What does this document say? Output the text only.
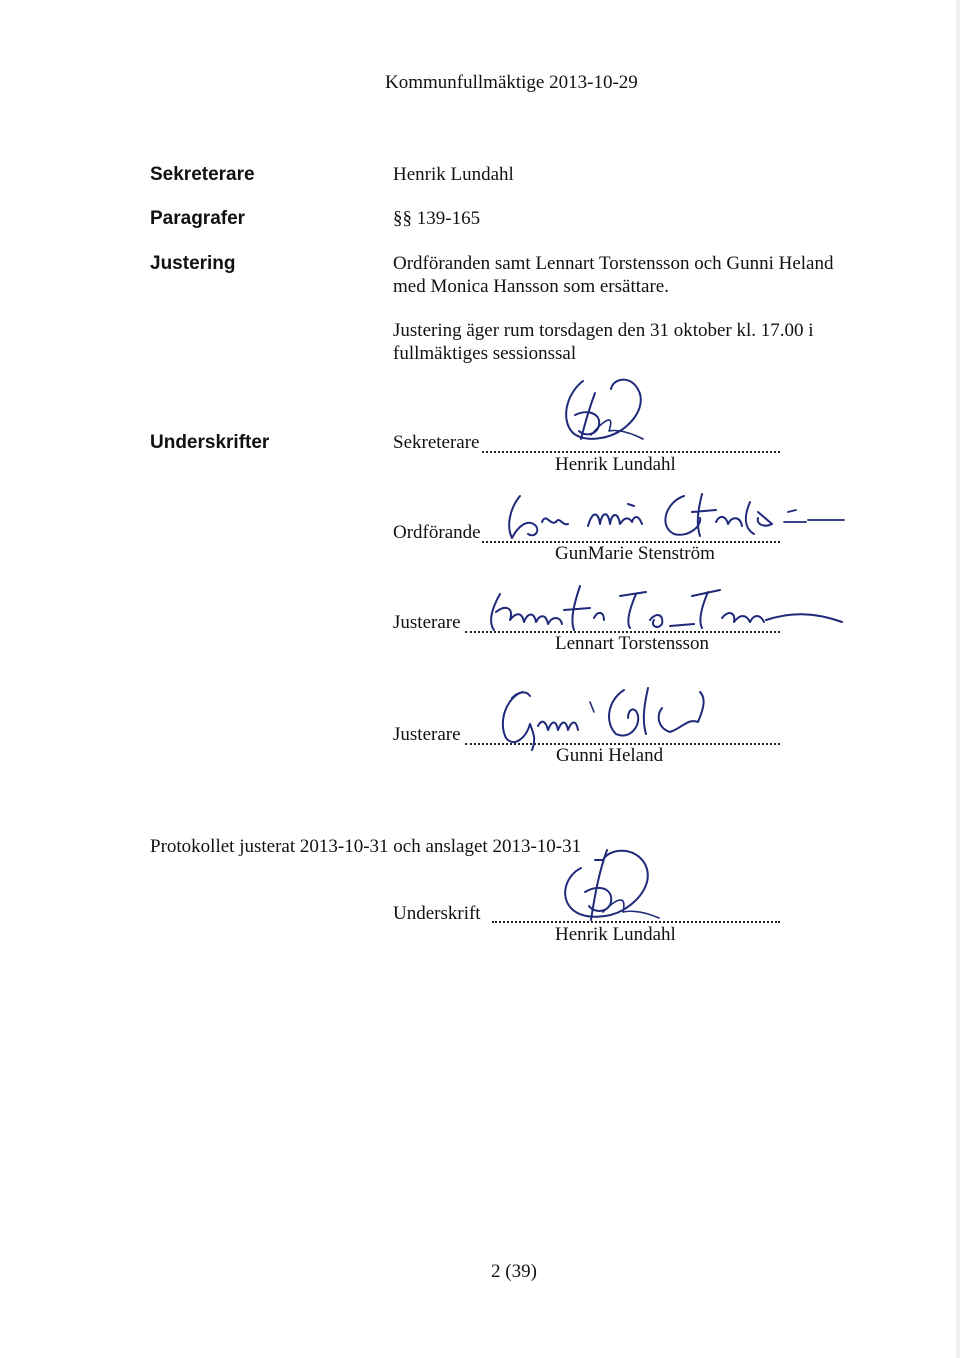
Kommunfullmäktige 2013-10-29
Sekreterare	Henrik Lundahl
Paragrafer	§§ 139-165
Justering	Ordföranden samt Lennart Torstensson och Gunni Heland
med Monica Hansson som ersättare.
Justering äger rum torsdagen den 31 oktober kl. 17.00 i
fullmäktiges sessionssal
Underskrifter	Sekreterare
Henrik Lundahl
Ordförande
GunMarie Stenström
Justerare
Lennart Torstensson
Justerare
Gunni Heland
Protokollet justerat 2013-10-31 och anslaget 2013-10-31
Underskrift
Henrik Lundahl
2 (39)
